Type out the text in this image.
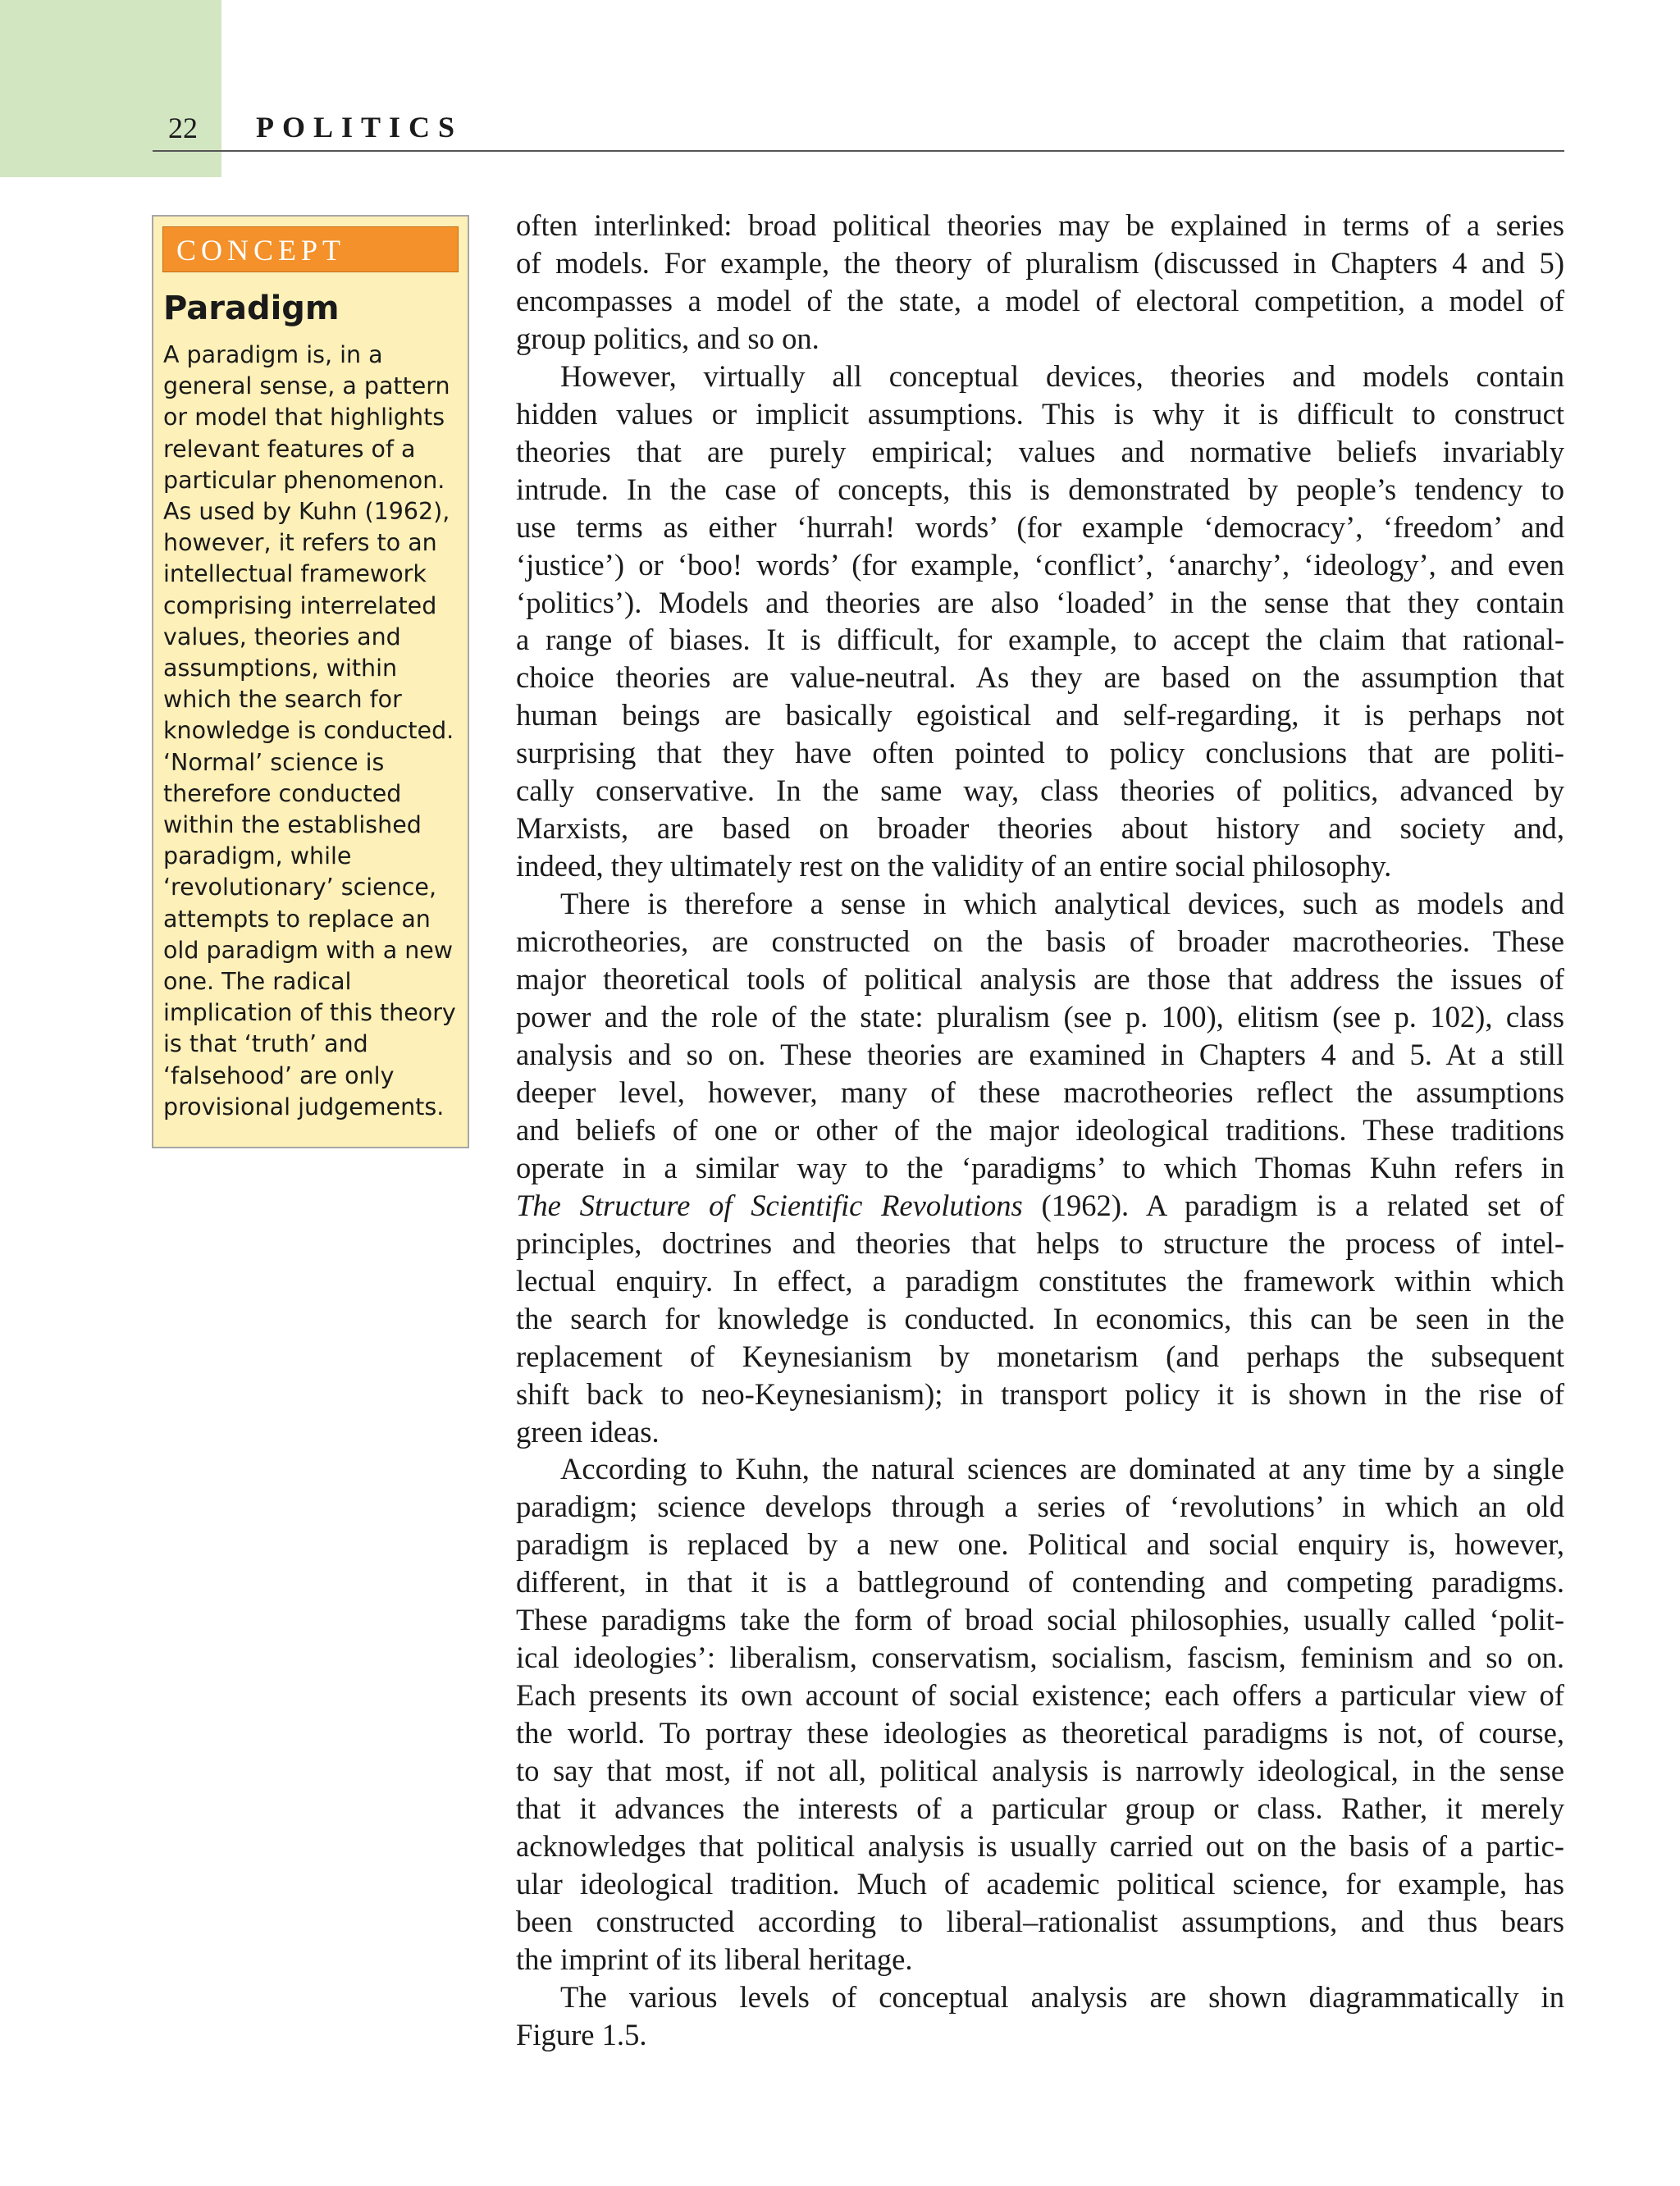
22 POLITICS
CONCEPT
Paradigm
A paradigm is, in a
general sense, a pattern
or model that highlights
relevant features of a
particular phenomenon.
As used by Kuhn (1962),
however, it refers to an
intellectual framework
comprising interrelated
values, theories and
assumptions, within
which the search for
knowledge is conducted.
‘Normal’ science is
therefore conducted
within the established
paradigm, while
‘revolutionary’ science,
attempts to replace an
old paradigm with a new
one. The radical
implication of this theory
is that ‘truth’ and
‘falsehood’ are only
provisional judgements.
often interlinked: broad political theories may be explained in terms of a series
of models. For example, the theory of pluralism (discussed in Chapters 4 and 5)
encompasses a model of the state, a model of electoral competition, a model of
group politics, and so on.
However, virtually all conceptual devices, theories and models contain
hidden values or implicit assumptions. This is why it is difficult to construct
theories that are purely empirical; values and normative beliefs invariably
intrude. In the case of concepts, this is demonstrated by people’s tendency to
use terms as either ‘hurrah! words’ (for example ‘democracy’, ‘freedom’ and
‘justice’) or ‘boo! words’ (for example, ‘conflict’, ‘anarchy’, ‘ideology’, and even
‘politics’). Models and theories are also ‘loaded’ in the sense that they contain
a range of biases. It is difficult, for example, to accept the claim that rational-
choice theories are value-neutral. As they are based on the assumption that
human beings are basically egoistical and self-regarding, it is perhaps not
surprising that they have often pointed to policy conclusions that are politi-
cally conservative. In the same way, class theories of politics, advanced by
Marxists, are based on broader theories about history and society and,
indeed, they ultimately rest on the validity of an entire social philosophy.
There is therefore a sense in which analytical devices, such as models and
microtheories, are constructed on the basis of broader macrotheories. These
major theoretical tools of political analysis are those that address the issues of
power and the role of the state: pluralism (see p. 100), elitism (see p. 102), class
analysis and so on. These theories are examined in Chapters 4 and 5. At a still
deeper level, however, many of these macrotheories reflect the assumptions
and beliefs of one or other of the major ideological traditions. These traditions
operate in a similar way to the ‘paradigms’ to which Thomas Kuhn refers in
The Structure of Scientific Revolutions (1962). A paradigm is a related set of
principles, doctrines and theories that helps to structure the process of intel-
lectual enquiry. In effect, a paradigm constitutes the framework within which
the search for knowledge is conducted. In economics, this can be seen in the
replacement of Keynesianism by monetarism (and perhaps the subsequent
shift back to neo-Keynesianism); in transport policy it is shown in the rise of
green ideas.
According to Kuhn, the natural sciences are dominated at any time by a single
paradigm; science develops through a series of ‘revolutions’ in which an old
paradigm is replaced by a new one. Political and social enquiry is, however,
different, in that it is a battleground of contending and competing paradigms.
These paradigms take the form of broad social philosophies, usually called ‘polit-
ical ideologies’: liberalism, conservatism, socialism, fascism, feminism and so on.
Each presents its own account of social existence; each offers a particular view of
the world. To portray these ideologies as theoretical paradigms is not, of course,
to say that most, if not all, political analysis is narrowly ideological, in the sense
that it advances the interests of a particular group or class. Rather, it merely
acknowledges that political analysis is usually carried out on the basis of a partic-
ular ideological tradition. Much of academic political science, for example, has
been constructed according to liberal–rationalist assumptions, and thus bears
the imprint of its liberal heritage.
The various levels of conceptual analysis are shown diagrammatically in
Figure 1.5.
